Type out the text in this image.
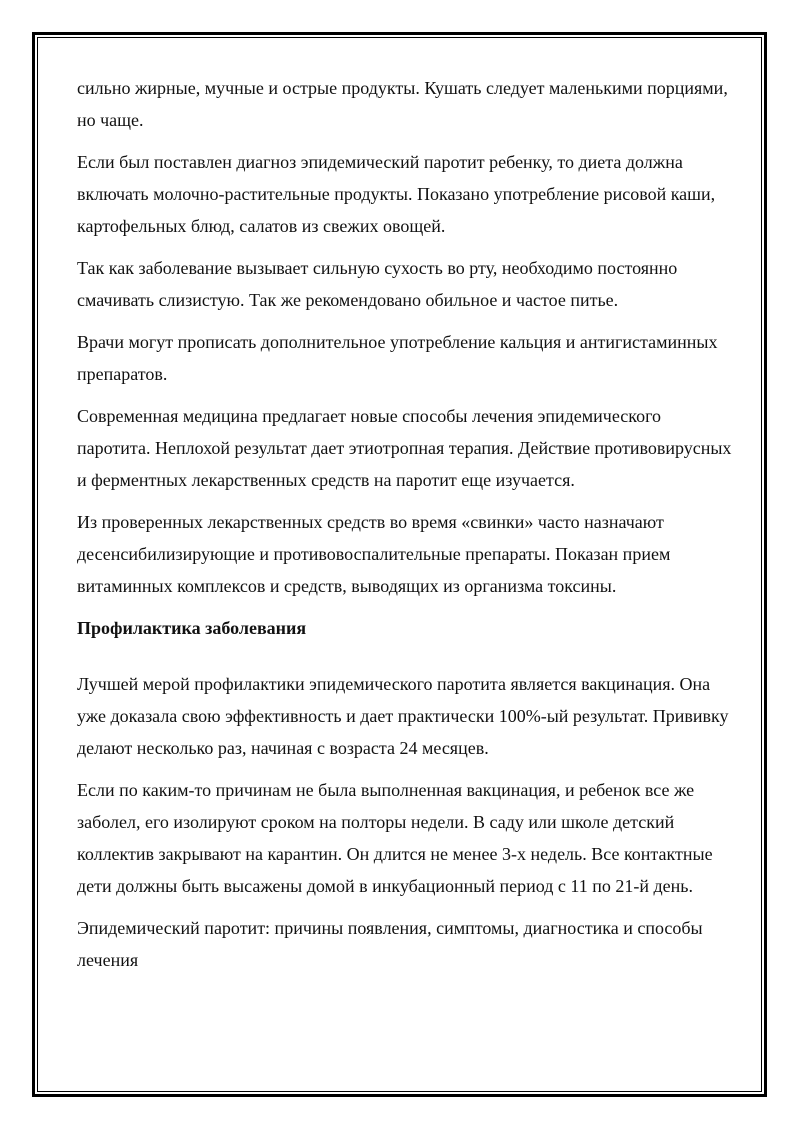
сильно жирные, мучные и острые продукты. Кушать следует маленькими порциями, но чаще.

Если был поставлен диагноз эпидемический паротит ребенку, то диета должна включать молочно-растительные продукты. Показано употребление рисовой каши, картофельных блюд, салатов из свежих овощей.

Так как заболевание вызывает сильную сухость во рту, необходимо постоянно смачивать слизистую. Так же рекомендовано обильное и частое питье.

Врачи могут прописать дополнительное употребление кальция и антигистаминных препаратов.

Современная медицина предлагает новые способы лечения эпидемического паротита. Неплохой результат дает этиотропная терапия. Действие противовирусных и ферментных лекарственных средств на паротит еще изучается.

Из проверенных лекарственных средств во время «свинки» часто назначают десенсибилизирующие и противовоспалительные препараты. Показан прием витаминных комплексов и средств, выводящих из организма токсины.

Профилактика заболевания

Лучшей мерой профилактики эпидемического паротита является вакцинация. Она уже доказала свою эффективность и дает практически 100%-ый результат. Прививку делают несколько раз, начиная с возраста 24 месяцев.

Если по каким-то причинам не была выполненная вакцинация, и ребенок все же заболел, его изолируют сроком на полторы недели. В саду или школе детский коллектив закрывают на карантин. Он длится не менее 3-х недель. Все контактные дети должны быть высажены домой в инкубационный период с 11 по 21-й день.

Эпидемический паротит: причины появления, симптомы, диагностика и способы лечения
